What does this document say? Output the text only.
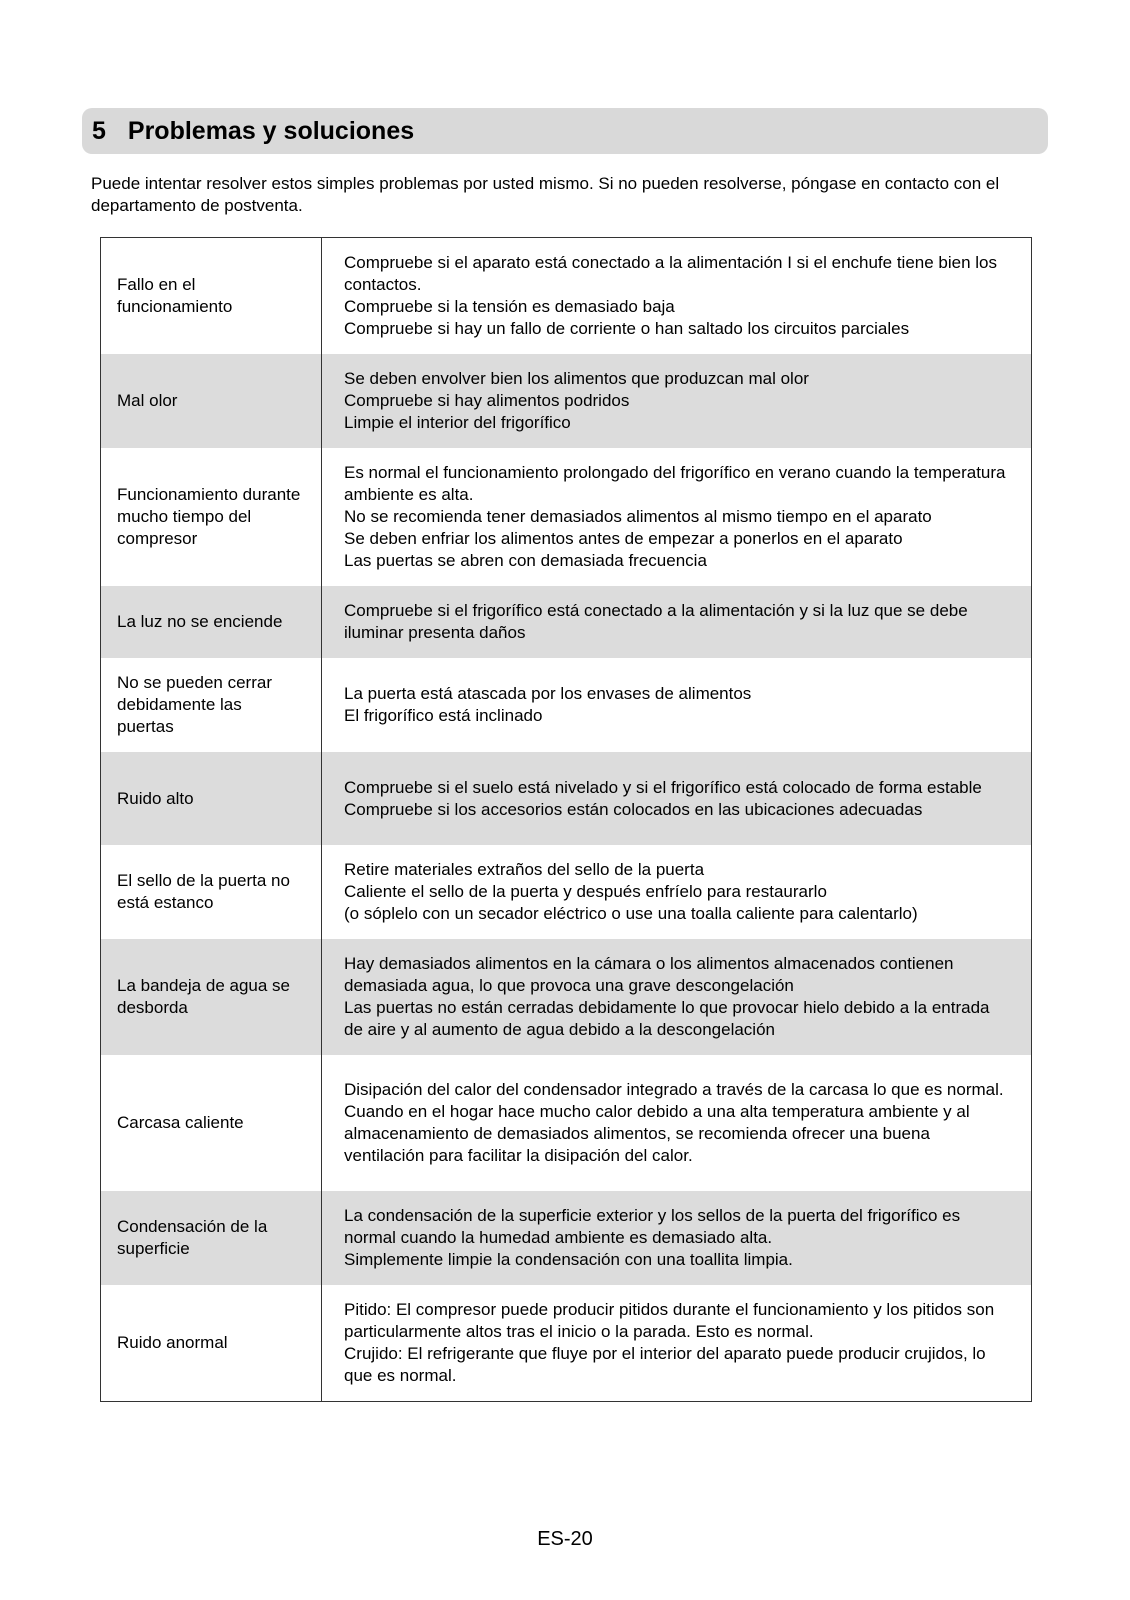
5 Problemas y soluciones

Puede intentar resolver estos simples problemas por usted mismo. Si no pueden resolverse, póngase en contacto con el departamento de postventa.

Fallo en el funcionamiento	Compruebe si el aparato está conectado a la alimentación I si el enchufe tiene bien los contactos.
Compruebe si la tensión es demasiado baja
Compruebe si hay un fallo de corriente o han saltado los circuitos parciales

Mal olor	Se deben envolver bien los alimentos que produzcan mal olor
Compruebe si hay alimentos podridos
Limpie el interior del frigorífico

Funcionamiento durante mucho tiempo del compresor	Es normal el funcionamiento prolongado del frigorífico en verano cuando la temperatura ambiente es alta.
No se recomienda tener demasiados alimentos al mismo tiempo en el aparato
Se deben enfriar los alimentos antes de empezar a ponerlos en el aparato
Las puertas se abren con demasiada frecuencia

La luz no se enciende	Compruebe si el frigorífico está conectado a la alimentación y si la luz que se debe iluminar presenta daños

No se pueden cerrar debidamente las puertas	La puerta está atascada por los envases de alimentos
El frigorífico está inclinado

Ruido alto	Compruebe si el suelo está nivelado y si el frigorífico está colocado de forma estable
Compruebe si los accesorios están colocados en las ubicaciones adecuadas

El sello de la puerta no está estanco	Retire materiales extraños del sello de la puerta
Caliente el sello de la puerta y después enfríelo para restaurarlo
(o sóplelo con un secador eléctrico o use una toalla caliente para calentarlo)

La bandeja de agua se desborda	Hay demasiados alimentos en la cámara o los alimentos almacenados contienen demasiada agua, lo que provoca una grave descongelación
Las puertas no están cerradas debidamente lo que provocar hielo debido a la entrada de aire y al aumento de agua debido a la descongelación

Carcasa caliente	Disipación del calor del condensador integrado a través de la carcasa lo que es normal.
Cuando en el hogar hace mucho calor debido a una alta temperatura ambiente y al almacenamiento de demasiados alimentos, se recomienda ofrecer una buena ventilación para facilitar la disipación del calor.

Condensación de la superficie	La condensación de la superficie exterior y los sellos de la puerta del frigorífico es normal cuando la humedad ambiente es demasiado alta.
Simplemente limpie la condensación con una toallita limpia.

Ruido anormal	Pitido: El compresor puede producir pitidos durante el funcionamiento y los pitidos son particularmente altos tras el inicio o la parada. Esto es normal.
Crujido: El refrigerante que fluye por el interior del aparato puede producir crujidos, lo que es normal.
ES-20
